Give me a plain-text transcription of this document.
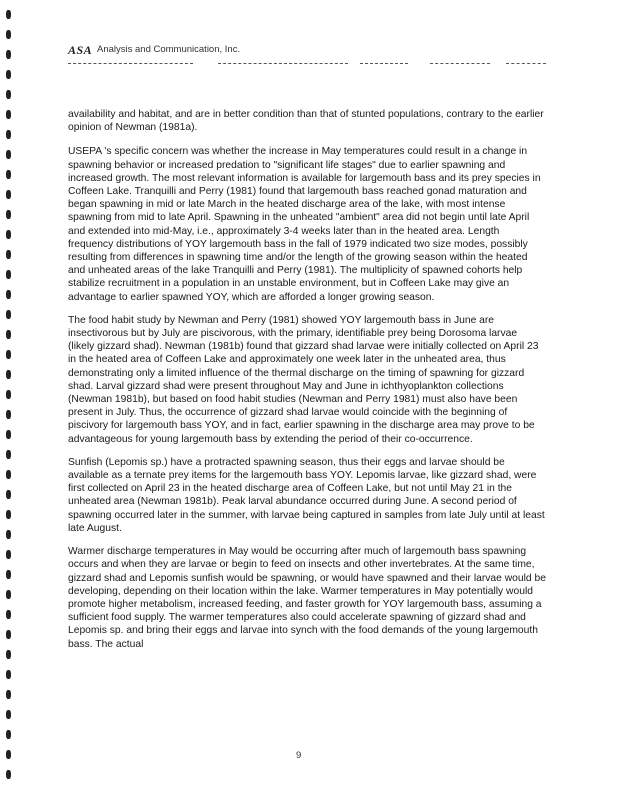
ASA Analysis and Communication, Inc.

availability and habitat, and are in better condition than that of stunted populations, contrary to the earlier opinion of Newman (1981a).

USEPA 's specific concern was whether the increase in May temperatures could result in a change in spawning behavior or increased predation to "significant life stages" due to earlier spawning and increased growth. The most relevant information is available for largemouth bass and its prey species in Coffeen Lake. Tranquilli and Perry (1981) found that largemouth bass reached gonad maturation and began spawning in mid or late March in the heated discharge area of the lake, with most intense spawning from mid to late April. Spawning in the unheated "ambient" area did not begin until late April and extended into mid-May, i.e., approximately 3-4 weeks later than in the heated area. Length frequency distributions of YOY largemouth bass in the fall of 1979 indicated two size modes, possibly resulting from differences in spawning time and/or the length of the growing season within the heated and unheated areas of the lake Tranquilli and Perry (1981). The multiplicity of spawned cohorts help stabilize recruitment in a population in an unstable environment, but in Coffeen Lake may give an advantage to earlier spawned YOY, which are afforded a longer growing season.

The food habit study by Newman and Perry (1981) showed YOY largemouth bass in June are insectivorous but by July are piscivorous, with the primary, identifiable prey being Dorosoma larvae (likely gizzard shad). Newman (1981b) found that gizzard shad larvae were initially collected on April 23 in the heated area of Coffeen Lake and approximately one week later in the unheated area, thus demonstrating only a limited influence of the thermal discharge on the timing of spawning for gizzard shad. Larval gizzard shad were present throughout May and June in ichthyoplankton collections (Newman 1981b), but based on food habit studies (Newman and Perry 1981) must also have been present in July. Thus, the occurrence of gizzard shad larvae would coincide with the beginning of piscivory for largemouth bass YOY, and in fact, earlier spawning in the discharge area may prove to be advantageous for young largemouth bass by extending the period of their co-occurrence.

Sunfish (Lepomis sp.) have a protracted spawning season, thus their eggs and larvae should be available as a ternate prey items for the largemouth bass YOY. Lepomis larvae, like gizzard shad, were first collected on April 23 in the heated discharge area of Coffeen Lake, but not until May 21 in the unheated area (Newman 1981b). Peak larval abundance occurred during June. A second period of spawning occurred later in the summer, with larvae being captured in samples from late July until at least late August.

Warmer discharge temperatures in May would be occurring after much of largemouth bass spawning occurs and when they are larvae or begin to feed on insects and other invertebrates. At the same time, gizzard shad and Lepomis sunfish would be spawning, or would have spawned and their larvae would be developing, depending on their location within the lake. Warmer temperatures in May potentially would promote higher metabolism, increased feeding, and faster growth for YOY largemouth bass, assuming a sufficient food supply. The warmer temperatures also could accelerate spawning of gizzard shad and Lepomis sp. and bring their eggs and larvae into synch with the food demands of the young largemouth bass. The actual

9
